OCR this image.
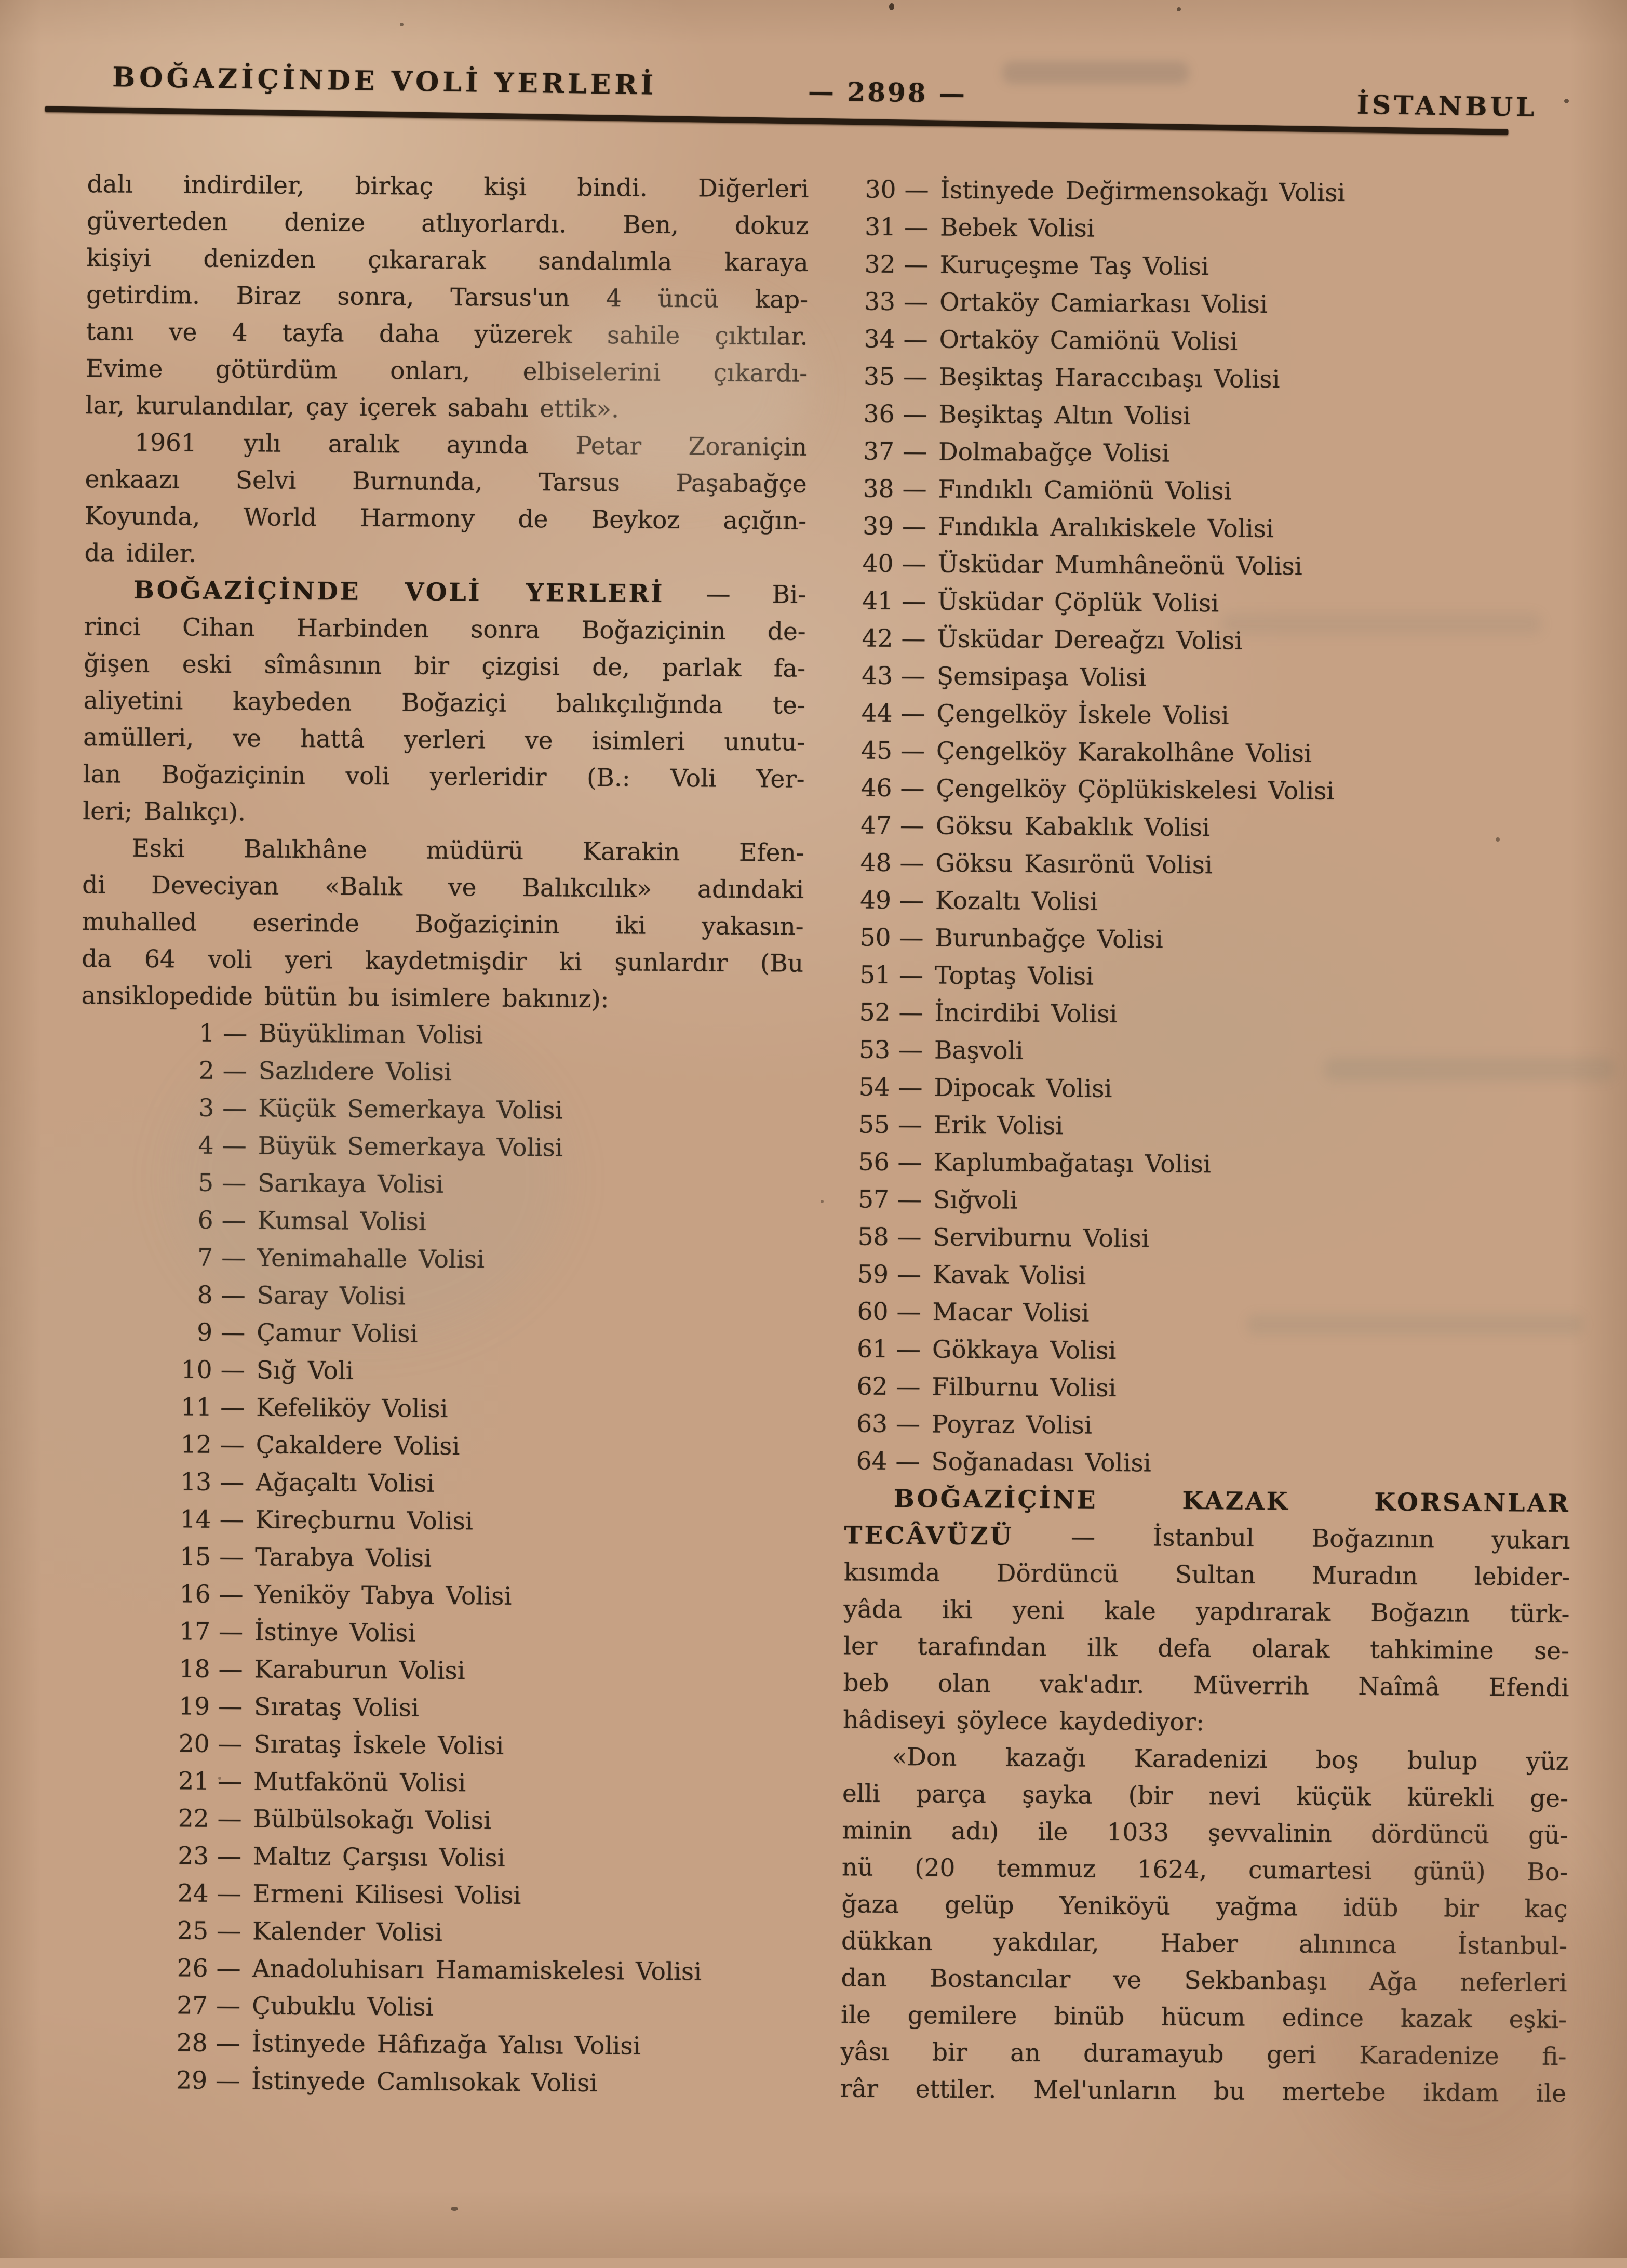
BOĞAZİÇİNDE VOLİ YERLERİ	— 2898 —	İSTANBUL
dalı indirdiler, birkaç kişi bindi. Diğerleri
güverteden denize atlıyorlardı. Ben, dokuz
kişiyi denizden çıkararak sandalımla karaya
getirdim. Biraz sonra, Tarsus'un 4 üncü kap-
tanı ve 4 tayfa daha yüzerek sahile çıktılar.
Evime götürdüm onları, elbiselerini çıkardı-
lar, kurulandılar, çay içerek sabahı ettik».
1961 yılı aralık ayında Petar Zoraniçin
enkaazı Selvi Burnunda, Tarsus Paşabağçe
Koyunda, World Harmony de Beykoz açığın-
da idiler.
BOĞAZİÇİNDE VOLİ YERLERİ — Bi-
rinci Cihan Harbinden sonra Boğaziçinin de-
ğişen eski sîmâsının bir çizgisi de, parlak fa-
aliyetini kaybeden Boğaziçi balıkçılığında te-
amülleri, ve hattâ yerleri ve isimleri unutu-
lan Boğaziçinin voli yerleridir (B.: Voli Yer-
leri; Balıkçı).
Eski Balıkhâne müdürü Karakin Efen-
di Deveciyan «Balık ve Balıkcılık» adındaki
muhalled eserinde Boğaziçinin iki yakasın-
da 64 voli yeri kaydetmişdir ki şunlardır (Bu
ansiklopedide bütün bu isimlere bakınız):
1 — Büyükliman Volisi
2 — Sazlıdere Volisi
3 — Küçük Semerkaya Volisi
4 — Büyük Semerkaya Volisi
5 — Sarıkaya Volisi
6 — Kumsal Volisi
7 — Yenimahalle Volisi
8 — Saray Volisi
9 — Çamur Volisi
10 — Sığ Voli
11 — Kefeliköy Volisi
12 — Çakaldere Volisi
13 — Ağaçaltı Volisi
14 — Kireçburnu Volisi
15 — Tarabya Volisi
16 — Yeniköy Tabya Volisi
17 — İstinye Volisi
18 — Karaburun Volisi
19 — Sırataş Volisi
20 — Sırataş İskele Volisi
21 — Mutfakönü Volisi
22 — Bülbülsokağı Volisi
23 — Maltız Çarşısı Volisi
24 — Ermeni Kilisesi Volisi
25 — Kalender Volisi
26 — Anadoluhisarı Hamamiskelesi Volisi
27 — Çubuklu Volisi
28 — İstinyede Hâfızağa Yalısı Volisi
29 — İstinyede Camlısokak Volisi
30 — İstinyede Değirmensokağı Volisi
31 — Bebek Volisi
32 — Kuruçeşme Taş Volisi
33 — Ortaköy Camiarkası Volisi
34 — Ortaköy Camiönü Volisi
35 — Beşiktaş Haraccıbaşı Volisi
36 — Beşiktaş Altın Volisi
37 — Dolmabağçe Volisi
38 — Fındıklı Camiönü Volisi
39 — Fındıkla Aralıkiskele Volisi
40 — Üsküdar Mumhâneönü Volisi
41 — Üsküdar Çöplük Volisi
42 — Üsküdar Dereağzı Volisi
43 — Şemsipaşa Volisi
44 — Çengelköy İskele Volisi
45 — Çengelköy Karakolhâne Volisi
46 — Çengelköy Çöplükiskelesi Volisi
47 — Göksu Kabaklık Volisi
48 — Göksu Kasırönü Volisi
49 — Kozaltı Volisi
50 — Burunbağçe Volisi
51 — Toptaş Volisi
52 — İncirdibi Volisi
53 — Başvoli
54 — Dipocak Volisi
55 — Erik Volisi
56 — Kaplumbağataşı Volisi
57 — Sığvoli
58 — Serviburnu Volisi
59 — Kavak Volisi
60 — Macar Volisi
61 — Gökkaya Volisi
62 — Filburnu Volisi
63 — Poyraz Volisi
64 — Soğanadası Volisi
BOĞAZİÇİNE KAZAK KORSANLAR
TECÂVÜZÜ — İstanbul Boğazının yukarı
kısımda Dördüncü Sultan Muradın lebider-
yâda iki yeni kale yapdırarak Boğazın türk-
ler tarafından ilk defa olarak tahkimine se-
beb olan vak'adır. Müverrih Naîmâ Efendi
hâdiseyi şöylece kaydediyor:
«Don kazağı Karadenizi boş bulup yüz
elli parça şayka (bir nevi küçük kürekli ge-
minin adı) ile 1033 şevvalinin dördüncü gü-
nü (20 temmuz 1624, cumartesi günü) Bo-
ğaza gelüp Yeniköyü yağma idüb bir kaç
dükkan yakdılar, Haber alınınca İstanbul-
dan Bostancılar ve Sekbanbaşı Ağa neferleri
ile gemilere binüb hücum edince kazak eşki-
yâsı bir an duramayub geri Karadenize fi-
râr ettiler. Mel'unların bu mertebe ikdam ile
